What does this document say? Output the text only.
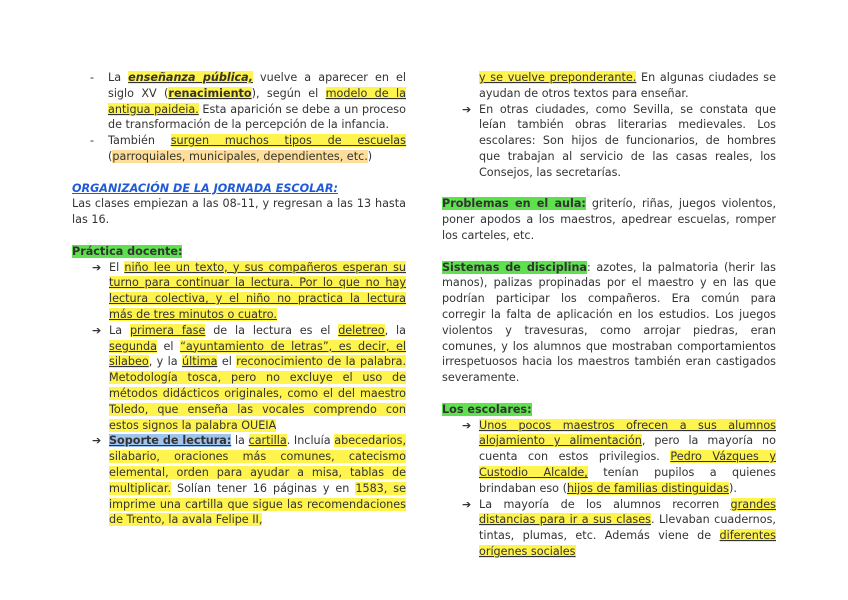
- La enseñanza pública, vuelve a aparecer en el siglo XV (renacimiento), según el modelo de la antigua paideia. Esta aparición se debe a un proceso de transformación de la percepción de la infancia.
- También surgen muchos tipos de escuelas (parroquiales, municipales, dependientes, etc.)

ORGANIZACIÓN DE LA JORNADA ESCOLAR:

Las clases empiezan a las 08-11, y regresan a las 13 hasta las 16.

Práctica docente:

➔ El niño lee un texto, y sus compañeros esperan su turno para continuar la lectura. Por lo que no hay lectura colectiva, y el niño no practica la lectura más de tres minutos o cuatro.
➔ La primera fase de la lectura es el deletreo, la segunda el “ayuntamiento de letras”, es decir, el silabeo, y la última el reconocimiento de la palabra. Metodología tosca, pero no excluye el uso de métodos didácticos originales, como el del maestro Toledo, que enseña las vocales comprendo con estos signos la palabra OUEIA
➔ Soporte de lectura: la cartilla. Incluía abecedarios, silabario, oraciones más comunes, catecismo elemental, orden para ayudar a misa, tablas de multiplicar. Solían tener 16 páginas y en 1583, se imprime una cartilla que sigue las recomendaciones de Trento, la avala Felipe II,
y se vuelve preponderante. En algunas ciudades se ayudan de otros textos para enseñar.
➔ En otras ciudades, como Sevilla, se constata que leían también obras literarias medievales. Los escolares: Son hijos de funcionarios, de hombres que trabajan al servicio de las casas reales, los Consejos, las secretarías.

Problemas en el aula: griterío, riñas, juegos violentos, poner apodos a los maestros, apedrear escuelas, romper los carteles, etc.

Sistemas de disciplina: azotes, la palmatoria (herir las manos), palizas propinadas por el maestro y en las que podrían participar los compañeros. Era común para corregir la falta de aplicación en los estudios. Los juegos violentos y travesuras, como arrojar piedras, eran comunes, y los alumnos que mostraban comportamientos irrespetuosos hacia los maestros también eran castigados severamente.

Los escolares:

➔ Unos pocos maestros ofrecen a sus alumnos alojamiento y alimentación, pero la mayoría no cuenta con estos privilegios. Pedro Vázques y Custodio Alcalde, tenían pupilos a quienes brindaban eso (hijos de familias distinguidas).
➔ La mayoría de los alumnos recorren grandes distancias para ir a sus clases. Llevaban cuadernos, tintas, plumas, etc. Además viene de diferentes orígenes sociales
